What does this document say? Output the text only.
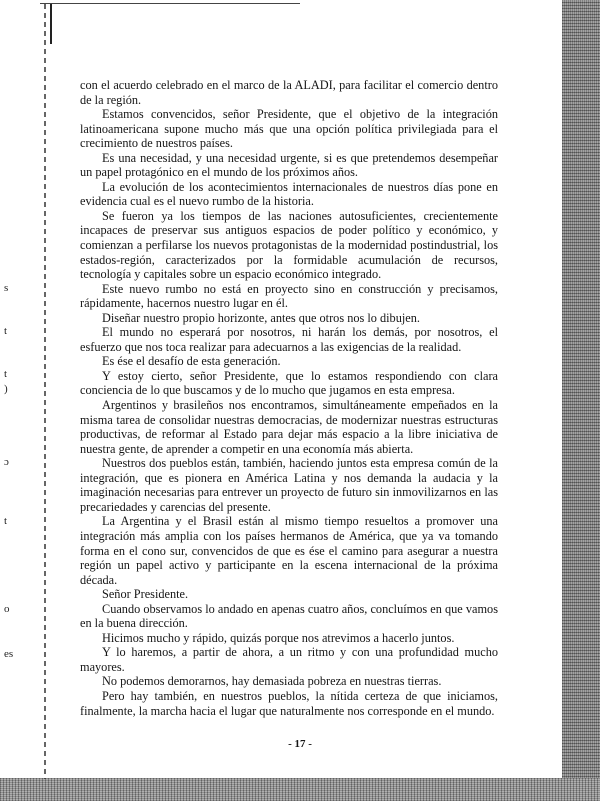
s
t
t
)
ɔ
t
o
es

con el acuerdo celebrado en el marco de la ALADI, para facilitar el comercio dentro de la región.

Estamos convencidos, señor Presidente, que el objetivo de la integración latinoamericana supone mucho más que una opción política privilegiada para el crecimiento de nuestros países.

Es una necesidad, y una necesidad urgente, si es que pretendemos desempeñar un papel protagónico en el mundo de los próximos años.

La evolución de los acontecimientos internacionales de nuestros días pone en evidencia cual es el nuevo rumbo de la historia.

Se fueron ya los tiempos de las naciones autosuficientes, crecientemente incapaces de preservar sus antiguos espacios de poder político y económico, y comienzan a perfilarse los nuevos protagonistas de la modernidad postindustrial, los estados-región, caracterizados por la formidable acumulación de recursos, tecnología y capitales sobre un espacio económico integrado.

Este nuevo rumbo no está en proyecto sino en construcción y precisamos, rápidamente, hacernos nuestro lugar en él.

Diseñar nuestro propio horizonte, antes que otros nos lo dibujen.

El mundo no esperará por nosotros, ni harán los demás, por nosotros, el esfuerzo que nos toca realizar para adecuarnos a las exigencias de la realidad.

Es ése el desafío de esta generación.

Y estoy cierto, señor Presidente, que lo estamos respondiendo con clara conciencia de lo que buscamos y de lo mucho que jugamos en esta empresa.

Argentinos y brasileños nos encontramos, simultáneamente empeñados en la misma tarea de consolidar nuestras democracias, de modernizar nuestras estructuras productivas, de reformar al Estado para dejar más espacio a la libre iniciativa de nuestra gente, de aprender a competir en una economía más abierta.

Nuestros dos pueblos están, también, haciendo juntos esta empresa común de la integración, que es pionera en América Latina y nos demanda la audacia y la imaginación necesarias para entrever un proyecto de futuro sin inmovilizarnos en las precariedades y carencias del presente.

La Argentina y el Brasil están al mismo tiempo resueltos a promover una integración más amplia con los países hermanos de América, que ya va tomando forma en el cono sur, convencidos de que es ése el camino para asegurar a nuestra región un papel activo y participante en la escena internacional de la próxima década.

Señor Presidente.

Cuando observamos lo andado en apenas cuatro años, concluímos en que vamos en la buena dirección.

Hicimos mucho y rápido, quizás porque nos atrevimos a hacerlo juntos.

Y lo haremos, a partir de ahora, a un ritmo y con una profundidad mucho mayores.

No podemos demorarnos, hay demasiada pobreza en nuestras tierras.

Pero hay también, en nuestros pueblos, la nítida certeza de que iniciamos, finalmente, la marcha hacia el lugar que naturalmente nos corresponde en el mundo.

- 17 -
